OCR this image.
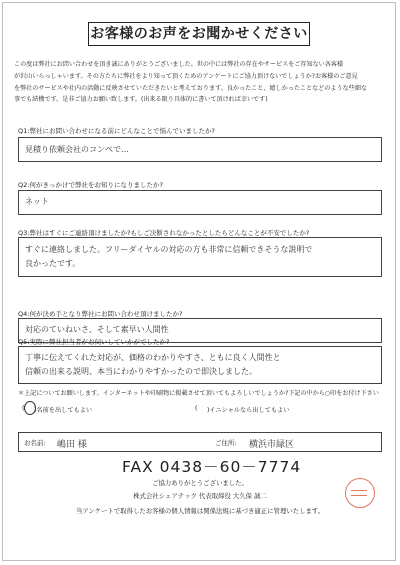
お客様のお声をお聞かせください
この度は弊社にお問い合わせを頂き誠にありがとうございました。世の中には弊社の存在やサービスをご存知ない各客様
が沢山いらっしゃいます。その方たちに弊社をより知って頂くためのアンケートにご協力頂けないでしょうか?お客様のご意見
を弊社のサービスや社内の活動に反映させていただきたいと考えております。良かったこと、嬉しかったことなどのような些細な
事でも結構です。是非ご協力お願い致します。(出来る限り具体的に書いて頂ければ幸いです)
Q1:弊社にお問い合わせになる前にどんなことで悩んでいましたか?
見積り依頼会社のコンペで…
Q2:何がきっかけで弊社をお知りになりましたか?
ネット
Q3:弊社はすぐにご連絡頂けましたか?もしご決断されなかったとしたらどんなことが不安でしたか?
すぐに連絡しました。フリーダイヤルの対応の方も非常に信頼できそうな説明で
良かったです。
Q4:何が決め手となり弊社にお問い合わせ頂けましたか?
対応のていねいさ、そして素早い人間性
Q5:実際に弊社担当者がお伺いしていかがでしたか?
丁寧に伝えてくれた対応が、価格のわかりやすさ、ともに良く人間性と
信頼の出来る説明、本当にわかりやすかったので即決しました。
＊上記についてお願いします。インターネットや印刷物に掲載させて頂いてもよろしいでしょうか?下記の中から○印をお付け下さい
( )名前を出してもよい	( )イニシャルなら出してもよい
お名前: 嶋田 様	ご住所: 横浜市緑区
FAX 0438－60－7774
ご協力ありがとうございました。
株式会社シェアテック 代表取締役 大久保 誠二
当アンケートで取得したお客様の個人情報は関係法規に基づき適正に管理いたします。
